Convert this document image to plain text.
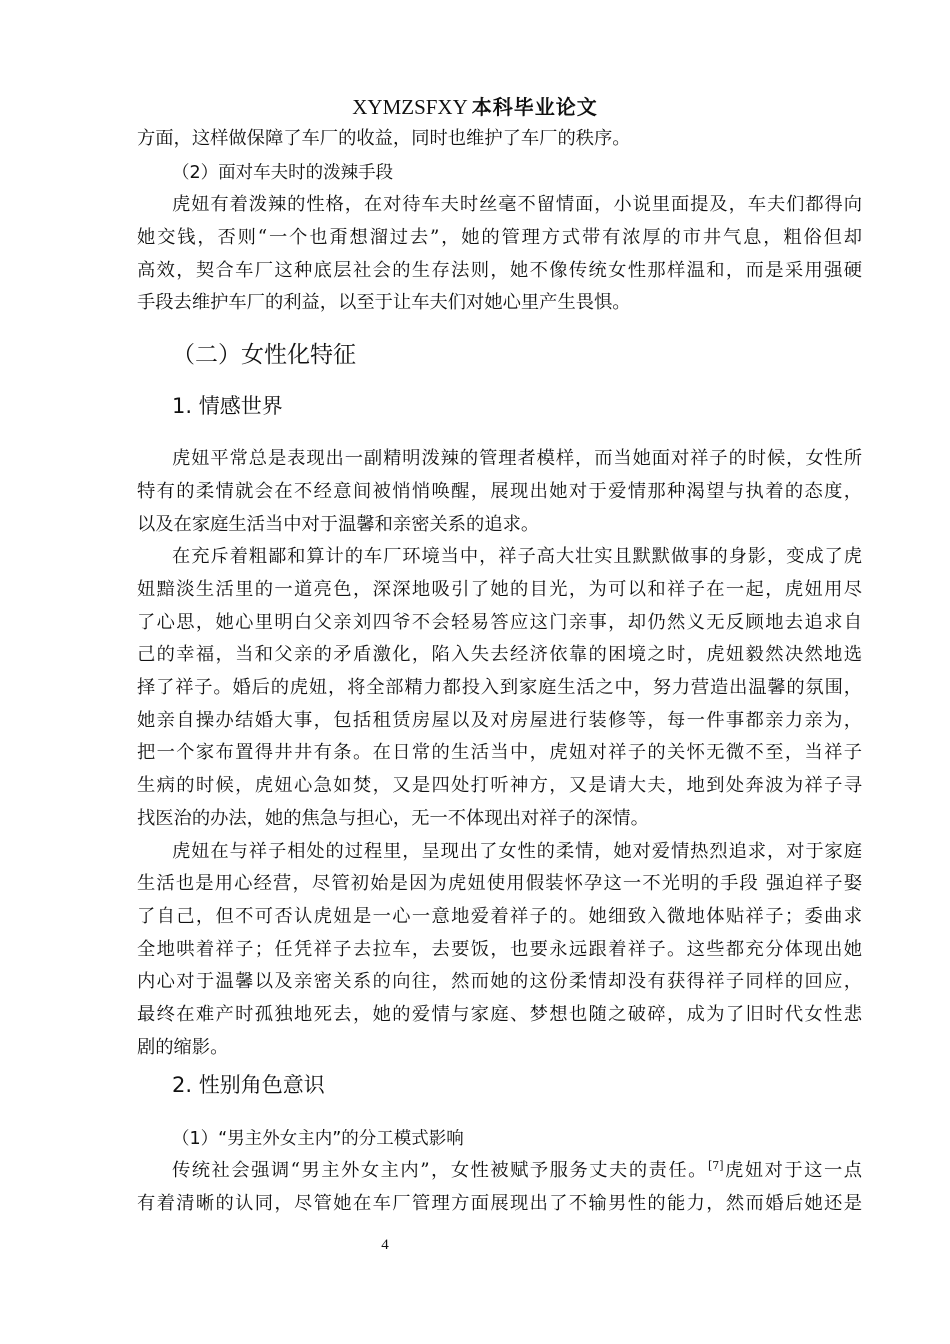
XYMZSFXY 本科毕业论文
方面，这样做保障了车厂的收益，同时也维护了车厂的秩序。
（2）面对车夫时的泼辣手段
虎妞有着泼辣的性格，在对待车夫时丝毫不留情面，小说里面提及，车夫们都得向
她交钱，否则“一个也甭想溜过去”，她的管理方式带有浓厚的市井气息，粗俗但却
高效，契合车厂这种底层社会的生存法则，她不像传统女性那样温和，而是采用强硬
手段去维护车厂的利益，以至于让车夫们对她心里产生畏惧。
（二）女性化特征
1. 情感世界
虎妞平常总是表现出一副精明泼辣的管理者模样，而当她面对祥子的时候，女性所
特有的柔情就会在不经意间被悄悄唤醒，展现出她对于爱情那种渴望与执着的态度，
以及在家庭生活当中对于温馨和亲密关系的追求。
在充斥着粗鄙和算计的车厂环境当中，祥子高大壮实且默默做事的身影，变成了虎
妞黯淡生活里的一道亮色，深深地吸引了她的目光，为可以和祥子在一起，虎妞用尽
了心思，她心里明白父亲刘四爷不会轻易答应这门亲事，却仍然义无反顾地去追求自
己的幸福，当和父亲的矛盾激化，陷入失去经济依靠的困境之时，虎妞毅然决然地选
择了祥子。婚后的虎妞，将全部精力都投入到家庭生活之中，努力营造出温馨的氛围，
她亲自操办结婚大事，包括租赁房屋以及对房屋进行装修等，每一件事都亲力亲为，
把一个家布置得井井有条。在日常的生活当中，虎妞对祥子的关怀无微不至，当祥子
生病的时候，虎妞心急如焚，又是四处打听神方，又是请大夫，地到处奔波为祥子寻
找医治的办法，她的焦急与担心，无一不体现出对祥子的深情。
虎妞在与祥子相处的过程里，呈现出了女性的柔情，她对爱情热烈追求，对于家庭
生活也是用心经营，尽管初始是因为虎妞使用假装怀孕这一不光明的手段 强迫祥子娶
了自己，但不可否认虎妞是一心一意地爱着祥子的。她细致入微地体贴祥子；委曲求
全地哄着祥子；任凭祥子去拉车，去要饭，也要永远跟着祥子。这些都充分体现出她
内心对于温馨以及亲密关系的向往，然而她的这份柔情却没有获得祥子同样的回应，
最终在难产时孤独地死去，她的爱情与家庭、梦想也随之破碎，成为了旧时代女性悲
剧的缩影。
2. 性别角色意识
（1）“男主外女主内”的分工模式影响
传统社会强调“男主外女主内”，女性被赋予服务丈夫的责任。[7]虎妞对于这一点
有着清晰的认同，尽管她在车厂管理方面展现出了不输男性的能力，然而婚后她还是
4
